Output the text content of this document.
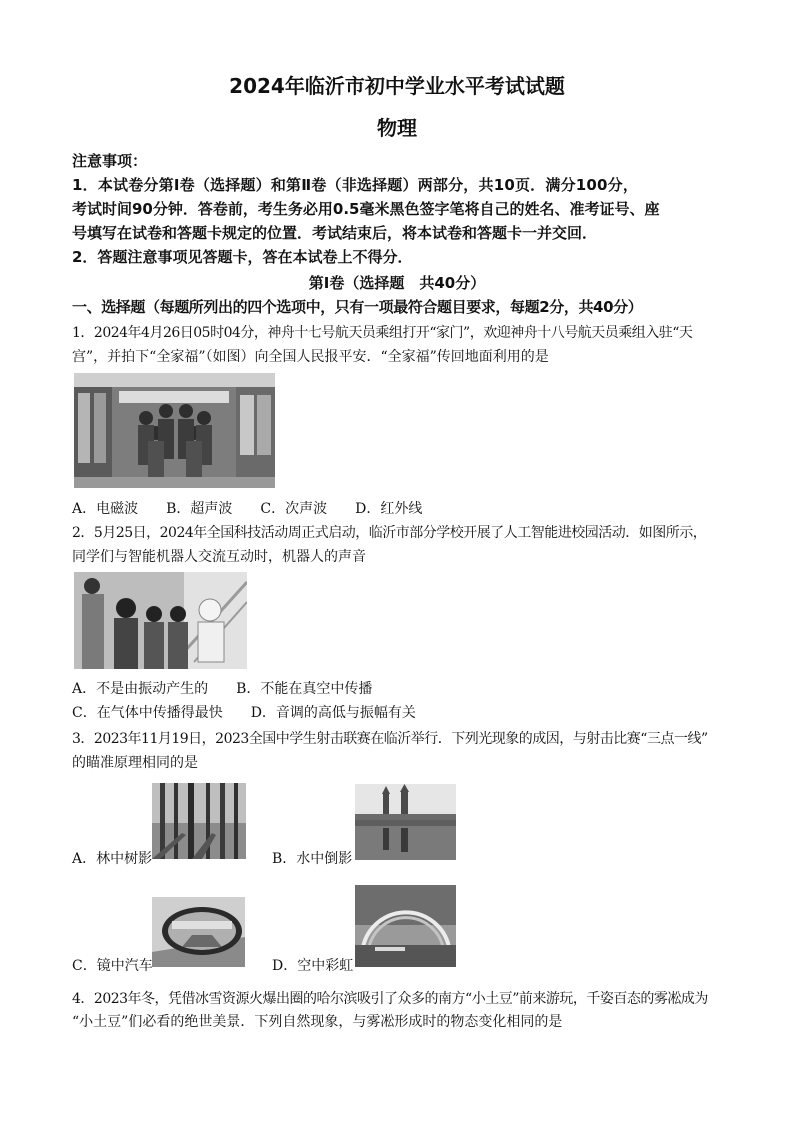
2024年临沂市初中学业水平考试试题
物理
注意事项：
1．本试卷分第Ⅰ卷（选择题）和第Ⅱ卷（非选择题）两部分，共10页．满分100分，
考试时间90分钟．答卷前，考生务必用0.5毫米黑色签字笔将自己的姓名、准考证号、座
号填写在试卷和答题卡规定的位置．考试结束后，将本试卷和答题卡一并交回．
2．答题注意事项见答题卡，答在本试卷上不得分．
第Ⅰ卷（选择题　共40分）
一、选择题（每题所列出的四个选项中，只有一项最符合题目要求，每题2分，共40分）
1．2024年4月26日05时04分，神舟十七号航天员乘组打开“家门”，欢迎神舟十八号航天员乘组入驻“天
宫”，并拍下“全家福”（如图）向全国人民报平安．“全家福”传回地面利用的是
A．电磁波　　B．超声波　　C．次声波　　D．红外线
2．5月25日，2024年全国科技活动周正式启动，临沂市部分学校开展了人工智能进校园活动．如图所示，
同学们与智能机器人交流互动时，机器人的声音
A．不是由振动产生的　　B．不能在真空中传播
C．在气体中传播得最快　　D．音调的高低与振幅有关
3．2023年11月19日，2023全国中学生射击联赛在临沂举行．下列光现象的成因，与射击比赛“三点一线”
的瞄准原理相同的是
A．林中树影	B．水中倒影
C．镜中汽车	D．空中彩虹
4．2023年冬，凭借冰雪资源火爆出圈的哈尔滨吸引了众多的南方“小土豆”前来游玩，千姿百态的雾凇成为
“小土豆”们必看的绝世美景．下列自然现象，与雾凇形成时的物态变化相同的是
